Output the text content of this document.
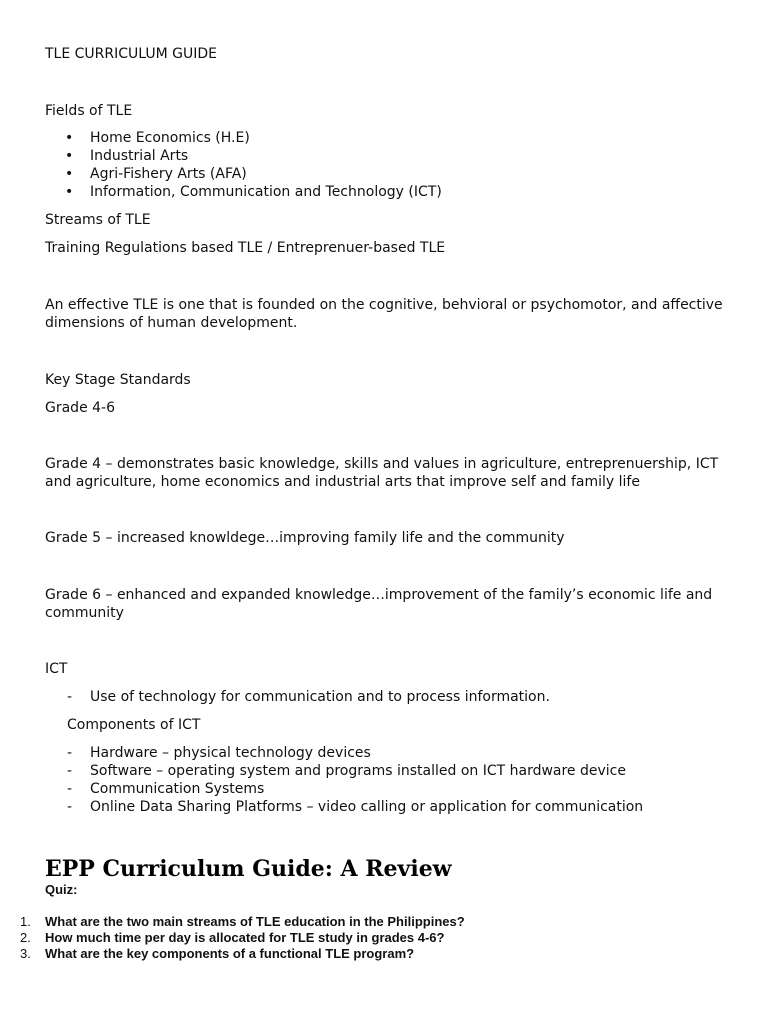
TLE CURRICULUM GUIDE
Fields of TLE
• Home Economics (H.E)
• Industrial Arts
• Agri-Fishery Arts (AFA)
• Information, Communication and Technology (ICT)
Streams of TLE
Training Regulations based TLE / Entreprenuer-based TLE
An effective TLE is one that is founded on the cognitive, behvioral or psychomotor, and affective dimensions of human development.
Key Stage Standards
Grade 4-6
Grade 4 – demonstrates basic knowledge, skills and values in agriculture, entreprenuership, ICT and agriculture, home economics and industrial arts that improve self and family life
Grade 5 – increased knowldege…improving family life and the community
Grade 6 – enhanced and expanded knowledge…improvement of the family’s economic life and community
ICT
- Use of technology for communication and to process information.
Components of ICT
- Hardware – physical technology devices
- Software – operating system and programs installed on ICT hardware device
- Communication Systems
- Online Data Sharing Platforms – video calling or application for communication
EPP Curriculum Guide: A Review
Quiz:
1. What are the two main streams of TLE education in the Philippines?
2. How much time per day is allocated for TLE study in grades 4-6?
3. What are the key components of a functional TLE program?
